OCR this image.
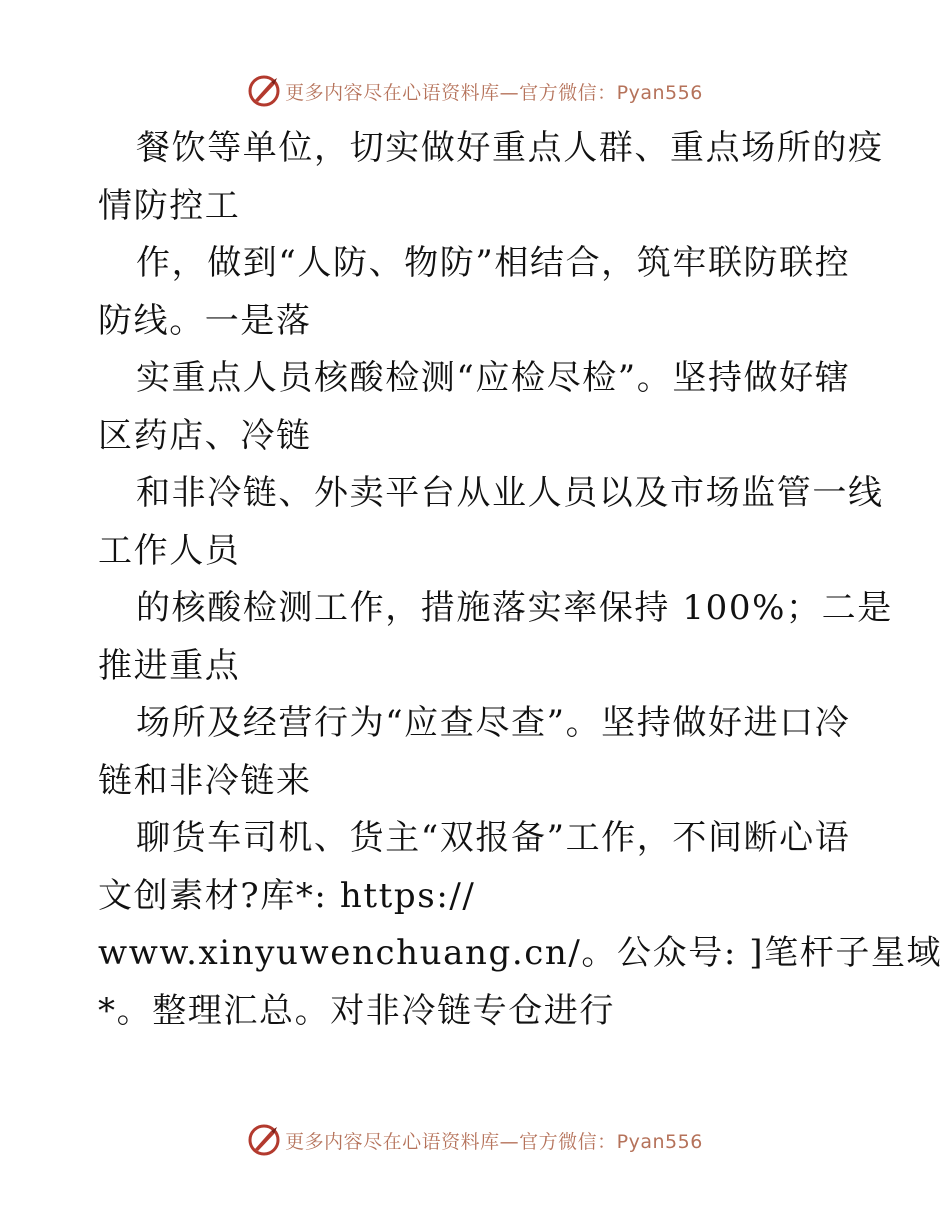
更多内容尽在心语资料库—官方微信：Pyan556
餐饮等单位，切实做好重点人群、重点场所的疫
情防控工
作，做到“人防、物防”相结合，筑牢联防联控
防线。一是落
实重点人员核酸检测“应检尽检”。坚持做好辖
区药店、冷链
和非冷链、外卖平台从业人员以及市场监管一线
工作人员
的核酸检测工作，措施落实率保持 100%；二是
推进重点
场所及经营行为“应查尽查”。坚持做好进口冷
链和非冷链来
聊货车司机、货主“双报备”工作，不间断心语
文创素材?库*: https://
www.xinyuwenchuang.cn/。公众号: ]笔杆子星域
*。整理汇总。对非冷链专仓进行
更多内容尽在心语资料库—官方微信：Pyan556
